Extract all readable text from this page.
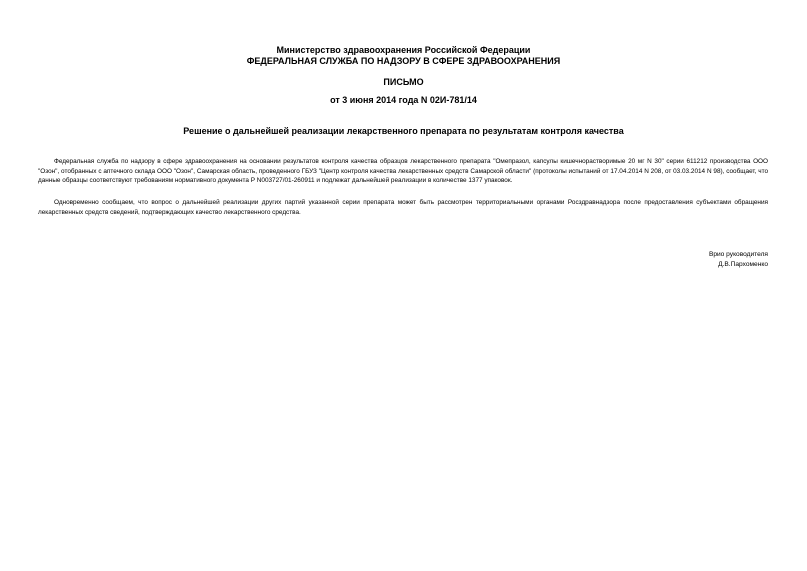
Министерство здравоохранения Российской Федерации
ФЕДЕРАЛЬНАЯ СЛУЖБА ПО НАДЗОРУ В СФЕРЕ ЗДРАВООХРАНЕНИЯ
ПИСЬМО
от 3 июня 2014 года N 02И-781/14
Решение о дальнейшей реализации лекарственного препарата по результатам контроля качества

Федеральная служба по надзору в сфере здравоохранения на основании результатов контроля качества образцов лекарственного препарата "Омепразол, капсулы кишечнорастворимые 20 мг N 30" серии 611212 производства ООО "Озон", отобранных с аптечного склада ООО "Озон", Самарская область, проведенного ГБУЗ "Центр контроля качества лекарственных средств Самарской области" (протоколы испытаний от 17.04.2014 N 208, от 03.03.2014 N 98), сообщает, что данные образцы соответствуют требованиям нормативного документа Р N003727/01-260911 и подлежат дальнейшей реализации в количестве 1377 упаковок.

Одновременно сообщаем, что вопрос о дальнейшей реализации других партий указанной серии препарата может быть рассмотрен территориальными органами Росздравнадзора после предоставления субъектами обращения лекарственных средств сведений, подтверждающих качество лекарственного средства.

Врио руководителя
Д.В.Пархоменко
